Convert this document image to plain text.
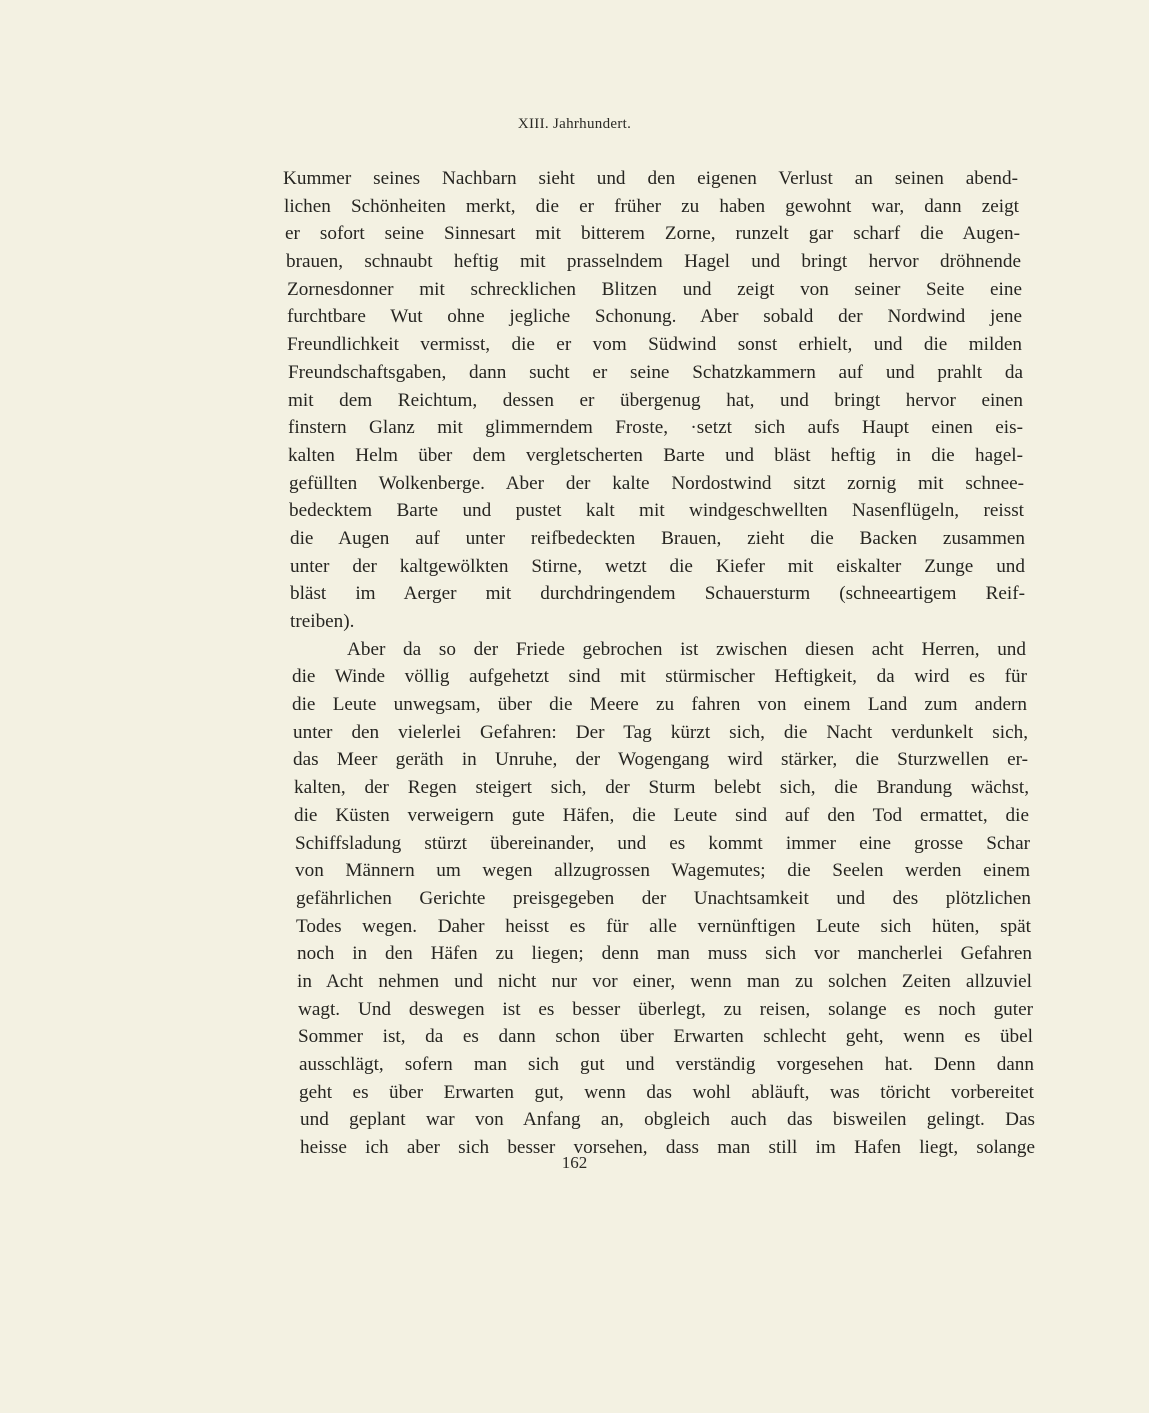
XIII. Jahrhundert.
Kummer seines Nachbarn sieht und den eigenen Verlust an seinen abend-
lichen Schönheiten merkt, die er früher zu haben gewohnt war, dann zeigt
er sofort seine Sinnesart mit bitterem Zorne, runzelt gar scharf die Augen-
brauen, schnaubt heftig mit prasselndem Hagel und bringt hervor dröhnende
Zornesdonner mit schrecklichen Blitzen und zeigt von seiner Seite eine
furchtbare Wut ohne jegliche Schonung. Aber sobald der Nordwind jene
Freundlichkeit vermisst, die er vom Südwind sonst erhielt, und die milden
Freundschaftsgaben, dann sucht er seine Schatzkammern auf und prahlt da
mit dem Reichtum, dessen er übergenug hat, und bringt hervor einen
finstern Glanz mit glimmerndem Froste, ·setzt sich aufs Haupt einen eis-
kalten Helm über dem vergletscherten Barte und bläst heftig in die hagel-
gefüllten Wolkenberge. Aber der kalte Nordostwind sitzt zornig mit schnee-
bedecktem Barte und pustet kalt mit windgeschwellten Nasenflügeln, reisst
die Augen auf unter reifbedeckten Brauen, zieht die Backen zusammen
unter der kaltgewölkten Stirne, wetzt die Kiefer mit eiskalter Zunge und
bläst im Aerger mit durchdringendem Schauersturm (schneeartigem Reif-
treiben).
Aber da so der Friede gebrochen ist zwischen diesen acht Herren, und
die Winde völlig aufgehetzt sind mit stürmischer Heftigkeit, da wird es für
die Leute unwegsam, über die Meere zu fahren von einem Land zum andern
unter den vielerlei Gefahren: Der Tag kürzt sich, die Nacht verdunkelt sich,
das Meer geräth in Unruhe, der Wogengang wird stärker, die Sturzwellen er-
kalten, der Regen steigert sich, der Sturm belebt sich, die Brandung wächst,
die Küsten verweigern gute Häfen, die Leute sind auf den Tod ermattet, die
Schiffsladung stürzt übereinander, und es kommt immer eine grosse Schar
von Männern um wegen allzugrossen Wagemutes; die Seelen werden einem
gefährlichen Gerichte preisgegeben der Unachtsamkeit und des plötzlichen
Todes wegen. Daher heisst es für alle vernünftigen Leute sich hüten, spät
noch in den Häfen zu liegen; denn man muss sich vor mancherlei Gefahren
in Acht nehmen und nicht nur vor einer, wenn man zu solchen Zeiten allzuviel
wagt. Und deswegen ist es besser überlegt, zu reisen, solange es noch guter
Sommer ist, da es dann schon über Erwarten schlecht geht, wenn es übel
ausschlägt, sofern man sich gut und verständig vorgesehen hat. Denn dann
geht es über Erwarten gut, wenn das wohl abläuft, was töricht vorbereitet
und geplant war von Anfang an, obgleich auch das bisweilen gelingt. Das
heisse ich aber sich besser vorsehen, dass man still im Hafen liegt, solange
162
